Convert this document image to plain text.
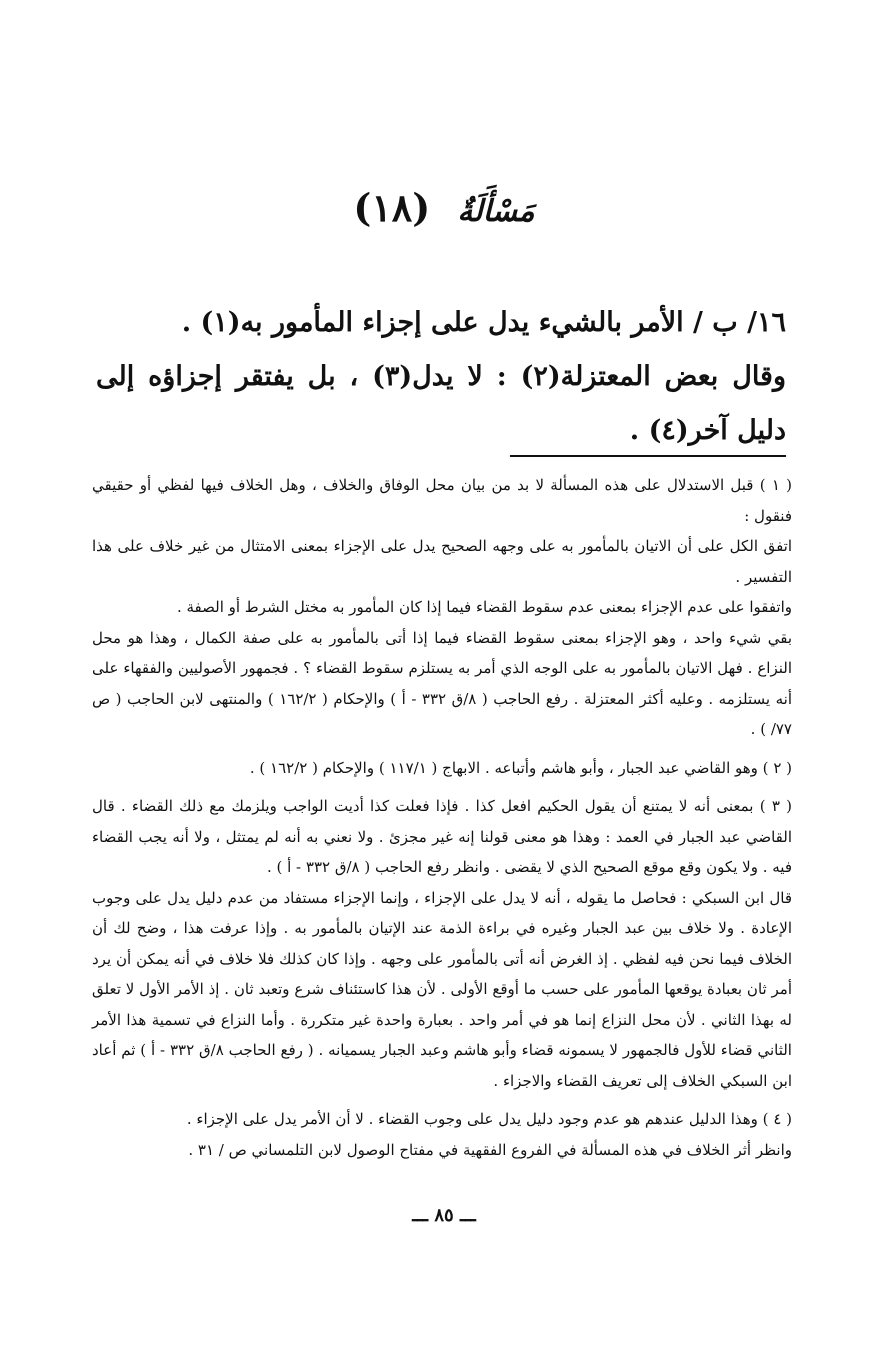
مَسْأَلَةٌ (١٨)

١٦/ ب / الأمر بالشيء يدل على إجزاء المأمور به(١) .

وقال بعض المعتزلة(٢) : لا يدل(٣) ، بل يفتقر إجزاؤه إلى دليل آخر(٤) .

( ١ ) قبل الاستدلال على هذه المسألة لا بد من بيان محل الوفاق والخلاف ، وهل الخلاف فيها لفظي أو حقيقي فنقول :

اتفق الكل على أن الاتيان بالمأمور به على وجهه الصحيح يدل على الإجزاء بمعنى الامتثال من غير خلاف على هذا التفسير .

واتفقوا على عدم الإجزاء بمعنى عدم سقوط القضاء فيما إذا كان المأمور به مختل الشرط أو الصفة .

بقي شيء واحد ، وهو الإجزاء بمعنى سقوط القضاء فيما إذا أتى بالمأمور به على صفة الكمال ، وهذا هو محل النزاع . فهل الاتيان بالمأمور به على الوجه الذي أمر به يستلزم سقوط القضاء ؟ . فجمهور الأصوليين والفقهاء على أنه يستلزمه . وعليه أكثر المعتزلة . رفع الحاجب ( ٨/ق ٣٣٢ - أ ) والإحكام ( ١٦٢/٢ ) والمنتهى لابن الحاجب ( ص ٧٧/ ) .

( ٢ ) وهو القاضي عبد الجبار ، وأبو هاشم وأتباعه . الابهاج ( ١١٧/١ ) والإحكام ( ١٦٢/٢ ) .

( ٣ ) بمعنى أنه لا يمتنع أن يقول الحكيم افعل كذا . فإذا فعلت كذا أديت الواجب ويلزمك مع ذلك القضاء . قال القاضي عبد الجبار في العمد : وهذا هو معنى قولنا إنه غير مجزئ . ولا نعني به أنه لم يمتثل ، ولا أنه يجب القضاء فيه . ولا يكون وقع موقع الصحيح الذي لا يقضى . وانظر رفع الحاجب ( ٨/ق ٣٣٢ - أ ) .

قال ابن السبكي : فحاصل ما يقوله ، أنه لا يدل على الإجزاء ، وإنما الإجزاء مستفاد من عدم دليل يدل على وجوب الإعادة . ولا خلاف بين عبد الجبار وغيره في براءة الذمة عند الإتيان بالمأمور به . وإذا عرفت هذا ، وضح لك أن الخلاف فيما نحن فيه لفظي . إذ الغرض أنه أتى بالمأمور على وجهه . وإذا كان كذلك فلا خلاف في أنه يمكن أن يرد أمر ثان بعبادة يوقعها المأمور على حسب ما أوقع الأولى . لأن هذا كاستئناف شرع وتعبد ثان . إذ الأمر الأول لا تعلق له بهذا الثاني . لأن محل النزاع إنما هو في أمر واحد . بعبارة واحدة غير متكررة . وأما النزاع في تسمية هذا الأمر الثاني قضاء للأول فالجمهور لا يسمونه قضاء وأبو هاشم وعبد الجبار يسميانه . ( رفع الحاجب ٨/ق ٣٣٢ - أ ) ثم أعاد ابن السبكي الخلاف إلى تعريف القضاء والاجزاء .

( ٤ ) وهذا الدليل عندهم هو عدم وجود دليل يدل على وجوب القضاء . لا أن الأمر يدل على الإجزاء .

وانظر أثر الخلاف في هذه المسألة في الفروع الفقهية في مفتاح الوصول لابن التلمساني ص / ٣١ .

ـــ ٨٥ ـــ
